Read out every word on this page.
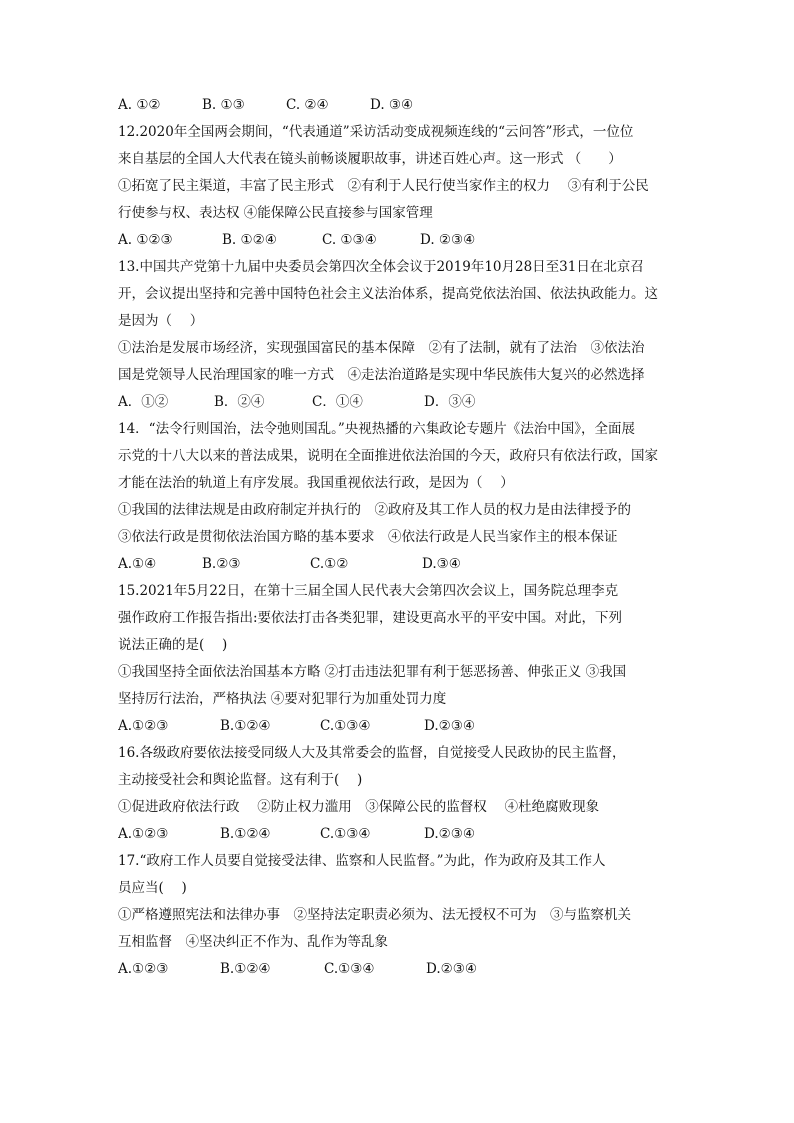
A. ①②	B. ①③	C. ②④	D. ③④
12.2020年全国两会期间，“代表通道”采访活动变成视频连线的“云问答”形式，一位位
来自基层的全国人大代表在镜头前畅谈履职故事，讲述百姓心声。这一形式 （　　）
①拓宽了民主渠道，丰富了民主形式　②有利于人民行使当家作主的权力　 ③有利于公民
行使参与权、表达权 ④能保障公民直接参与国家管理
A. ①②③	B. ①②④	C. ①③④	D. ②③④
13.中国共产党第十九届中央委员会第四次全体会议于2019年10月28日至31日在北京召
开，会议提出坚持和完善中国特色社会主义法治体系，提高党依法治国、依法执政能力。这
是因为（　 ）
①法治是发展市场经济，实现强国富民的基本保障　②有了法制，就有了法治　③依法治
国是党领导人民治理国家的唯一方式　④走法治道路是实现中华民族伟大复兴的必然选择
A．①②	B．②④	C．①④	D．③④
14．“法令行则国治，法令弛则国乱。”央视热播的六集政论专题片《法治中国》，全面展
示党的十八大以来的普法成果，说明在全面推进依法治国的今天，政府只有依法行政，国家
才能在法治的轨道上有序发展。我国重视依法行政，是因为（　 ）
①我国的法律法规是由政府制定并执行的　②政府及其工作人员的权力是由法律授予的
③依法行政是贯彻依法治国方略的基本要求　④依法行政是人民当家作主的根本保证
A.①④	B.②③	C.①②	D.③④
15.2021年5月22日，在第十三届全国人民代表大会第四次会议上，国务院总理李克
强作政府工作报告指出:要依法打击各类犯罪，建设更高水平的平安中国。对此，下列
说法正确的是(　 )
①我国坚持全面依法治国基本方略 ②打击违法犯罪有利于惩恶扬善、伸张正义 ③我国
坚持厉行法治，严格执法 ④要对犯罪行为加重处罚力度
A.①②③	B.①②④	C.①③④	D.②③④
16.各级政府要依法接受同级人大及其常委会的监督，自觉接受人民政协的民主监督，
主动接受社会和舆论监督。这有利于(　 )
①促进政府依法行政　 ②防止权力滥用　③保障公民的监督权　 ④杜绝腐败现象
A.①②③	B.①②④	C.①③④	D.②③④
17.“政府工作人员要自觉接受法律、监察和人民监督。”为此，作为政府及其工作人
员应当(　 )
①严格遵照宪法和法律办事　②坚持法定职责必须为、法无授权不可为　③与监察机关
互相监督　④坚决纠正不作为、乱作为等乱象
A.①②③	B.①②④	C.①③④	D.②③④
